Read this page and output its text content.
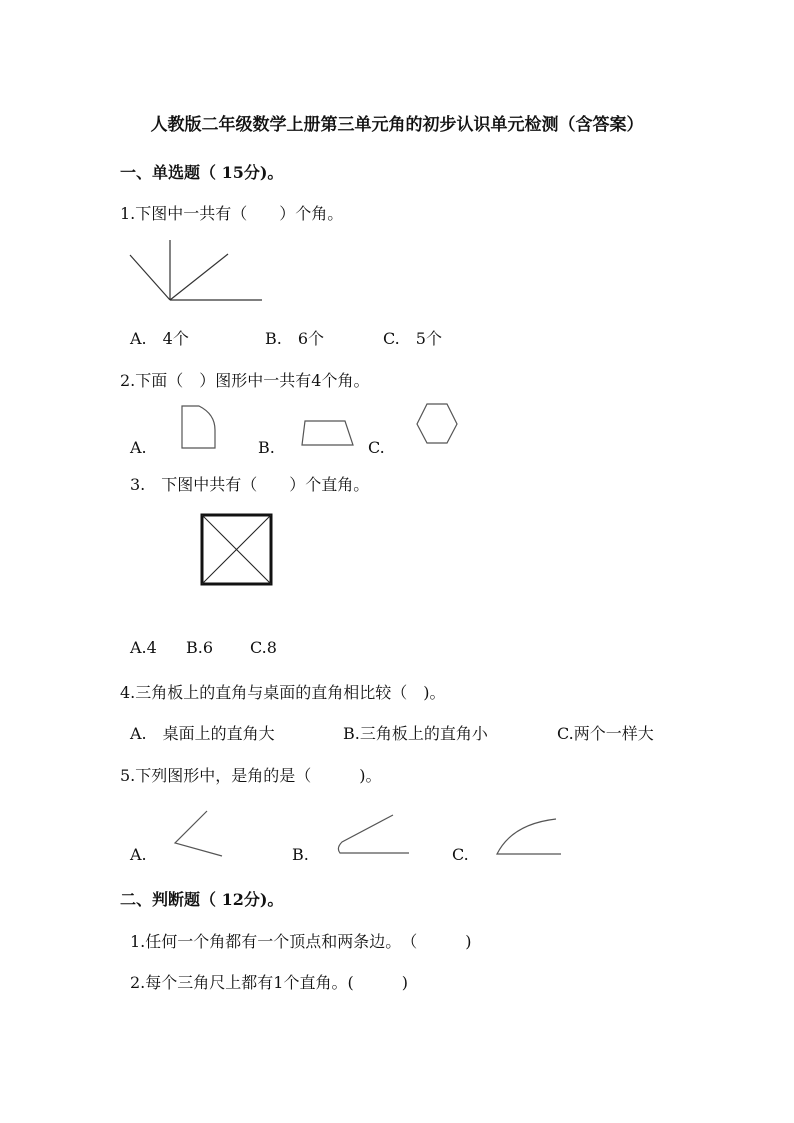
人教版二年级数学上册第三单元角的初步认识单元检测（含答案）
一、单选题（ 15分)。
1.下图中一共有（　　）个角。
A.　4个	B.　6个	C.　5个
2.下面（　）图形中一共有4个角。
A.	B.	C.
3.　下图中共有（　　）个直角。
A.4 B.6 C.8
4.三角板上的直角与桌面的直角相比较（　)。
A.　桌面上的直角大	B.三角板上的直角小	C.两个一样大
5.下列图形中，是角的是（　　　)。
A.	B.	C.
二、判断题（ 12分)。
1.任何一个角都有一个顶点和两条边。　（　　　)
2.每个三角尺上都有1个直角。(　　　)
